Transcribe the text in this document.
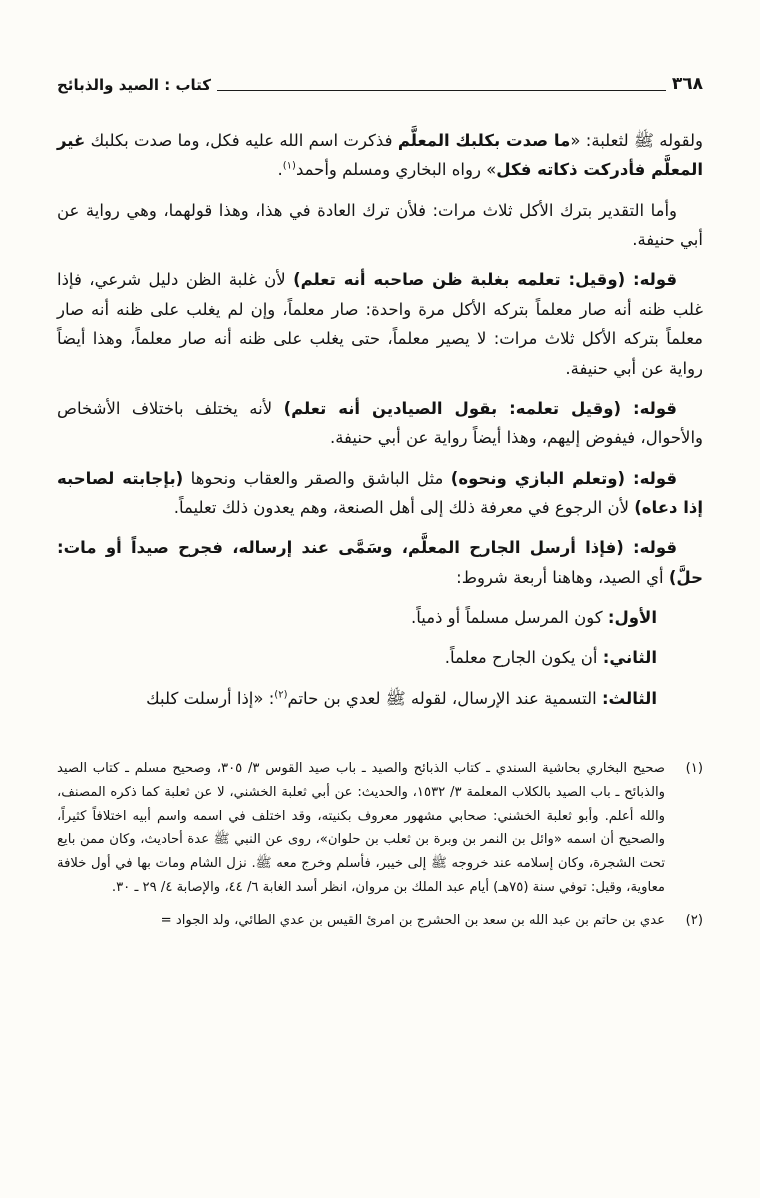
كتاب : الصيد والذبائح	٣٦٨

ولقوله ﷺ لثعلبة: «ما صدت بكلبك المعلَّم فذكرت اسم الله عليه فكل، وما صدت بكلبك غير المعلَّم فأدركت ذكاته فكل» رواه البخاري ومسلم وأحمد$^{(١)}$.

وأما التقدير بترك الأكل ثلاث مرات: فلأن ترك العادة في هذا، وهذا قولهما، وهي رواية عن أبي حنيفة.

قوله: (وقيل: تعلمه بغلبة ظن صاحبه أنه تعلم) لأن غلبة الظن دليل شرعي، فإذا غلب ظنه أنه صار معلماً بتركه الأكل مرة واحدة: صار معلماً، وإن لم يغلب على ظنه أنه صار معلماً بتركه الأكل ثلاث مرات: لا يصير معلماً، حتى يغلب على ظنه أنه صار معلماً، وهذا أيضاً رواية عن أبي حنيفة.

قوله: (وقيل تعلمه: بقول الصيادين أنه تعلم) لأنه يختلف باختلاف الأشخاص والأحوال، فيفوض إليهم، وهذا أيضاً رواية عن أبي حنيفة.

قوله: (وتعلم البازي ونحوه) مثل الباشق والصقر والعقاب ونحوها (بإجابته لصاحبه إذا دعاه) لأن الرجوع في معرفة ذلك إلى أهل الصنعة، وهم يعدون ذلك تعليماً.

قوله: (فإذا أرسل الجارح المعلَّم، وسَمَّى عند إرساله، فجرح صيداً أو مات: حلَّ) أي الصيد، وهاهنا أربعة شروط:

الأول: كون المرسل مسلماً أو ذمياً.

الثاني: أن يكون الجارح معلماً.

الثالث: التسمية عند الإرسال، لقوله ﷺ لعدي بن حاتم$^{(٢)}$: «إذا أرسلت كلبك

(١)
صحيح البخاري بحاشية السندي ـ كتاب الذبائح والصيد ـ باب صيد القوس ٣/ ٣٠٥، وصحيح مسلم ـ كتاب الصيد والذبائح ـ باب الصيد بالكلاب المعلمة ٣/ ١٥٣٢، والحديث: عن أبي ثعلبة الخشني، لا عن ثعلبة كما ذكره المصنف، والله أعلم. وأبو ثعلبة الخشني: صحابي مشهور معروف بكنيته، وقد اختلف في اسمه واسم أبيه اختلافاً كثيراً، والصحيح أن اسمه «وائل بن النمر بن وبرة بن ثعلب بن حلوان»، روى عن النبي ﷺ عدة أحاديث، وكان ممن بايع تحت الشجرة، وكان إسلامه عند خروجه ﷺ إلى خيبر، فأسلم وخرج معه ﷺ. نزل الشام ومات بها في أول خلافة معاوية، وقيل: توفي سنة (٧٥هـ) أيام عبد الملك بن مروان، انظر أسد الغابة ٦/ ٤٤، والإصابة ٤/ ٢٩ ـ ٣٠.
(٢)
عدي بن حاتم بن عبد الله بن سعد بن الحشرج بن امرئ القيس بن عدي الطائي، ولد الجواد =
